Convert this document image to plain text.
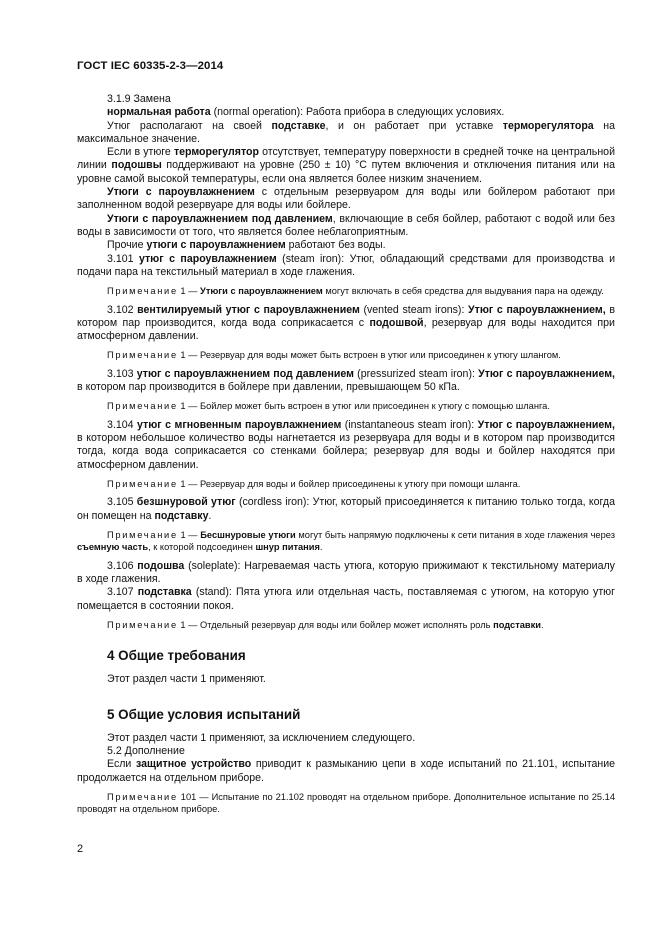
ГОСТ IEC 60335-2-3—2014

3.1.9 Замена

нормальная работа (normal operation): Работа прибора в следующих условиях.

Утюг располагают на своей подставке, и он работает при уставке терморегулятора на максимальное значение.

Если в утюге терморегулятор отсутствует, температуру поверхности в средней точке на центральной линии подошвы поддерживают на уровне (250 ± 10) °C путем включения и отключения питания или на уровне самой высокой температуры, если она является более низким значением.

Утюги с пароувлажнением с отдельным резервуаром для воды или бойлером работают при заполненном водой резервуаре для воды или бойлере.

Утюги с пароувлажнением под давлением, включающие в себя бойлер, работают с водой или без воды в зависимости от того, что является более неблагоприятным.

Прочие утюги с пароувлажнением работают без воды.

3.101 утюг с пароувлажнением (steam iron): Утюг, обладающий средствами для производства и подачи пара на текстильный материал в ходе глажения.

Примечание 1 — Утюги с пароувлажнением могут включать в себя средства для выдувания пара на одежду.

3.102 вентилируемый утюг с пароувлажнением (vented steam irons): Утюг с пароувлажнением, в котором пар производится, когда вода соприкасается с подошвой, резервуар для воды находится при атмосферном давлении.

Примечание 1 — Резервуар для воды может быть встроен в утюг или присоединен к утюгу шлангом.

3.103 утюг с пароувлажнением под давлением (pressurized steam iron): Утюг с пароувлажнением, в котором пар производится в бойлере при давлении, превышающем 50 кПа.

Примечание 1 — Бойлер может быть встроен в утюг или присоединен к утюгу с помощью шланга.

3.104 утюг с мгновенным пароувлажнением (instantaneous steam iron): Утюг с пароувлажнением, в котором небольшое количество воды нагнетается из резервуара для воды и в котором пар производится тогда, когда вода соприкасается со стенками бойлера; резервуар для воды и бойлер находятся при атмосферном давлении.

Примечание 1 — Резервуар для воды и бойлер присоединены к утюгу при помощи шланга.

3.105 безшнуровой утюг (cordless iron): Утюг, который присоединяется к питанию только тогда, когда он помещен на подставку.

Примечание 1 — Бесшнуровые утюги могут быть напрямую подключены к сети питания в ходе глажения через съемную часть, к которой подсоединен шнур питания.

3.106 подошва (soleplate): Нагреваемая часть утюга, которую прижимают к текстильному материалу в ходе глажения.

3.107 подставка (stand): Пята утюга или отдельная часть, поставляемая с утюгом, на которую утюг помещается в состоянии покоя.

Примечание 1 — Отдельный резервуар для воды или бойлер может исполнять роль подставки.

4 Общие требования

Этот раздел части 1 применяют.

5 Общие условия испытаний

Этот раздел части 1 применяют, за исключением следующего.

5.2 Дополнение

Если защитное устройство приводит к размыканию цепи в ходе испытаний по 21.101, испытание продолжается на отдельном приборе.

Примечание 101 — Испытание по 21.102 проводят на отдельном приборе. Дополнительное испытание по 25.14 проводят на отдельном приборе.

2
